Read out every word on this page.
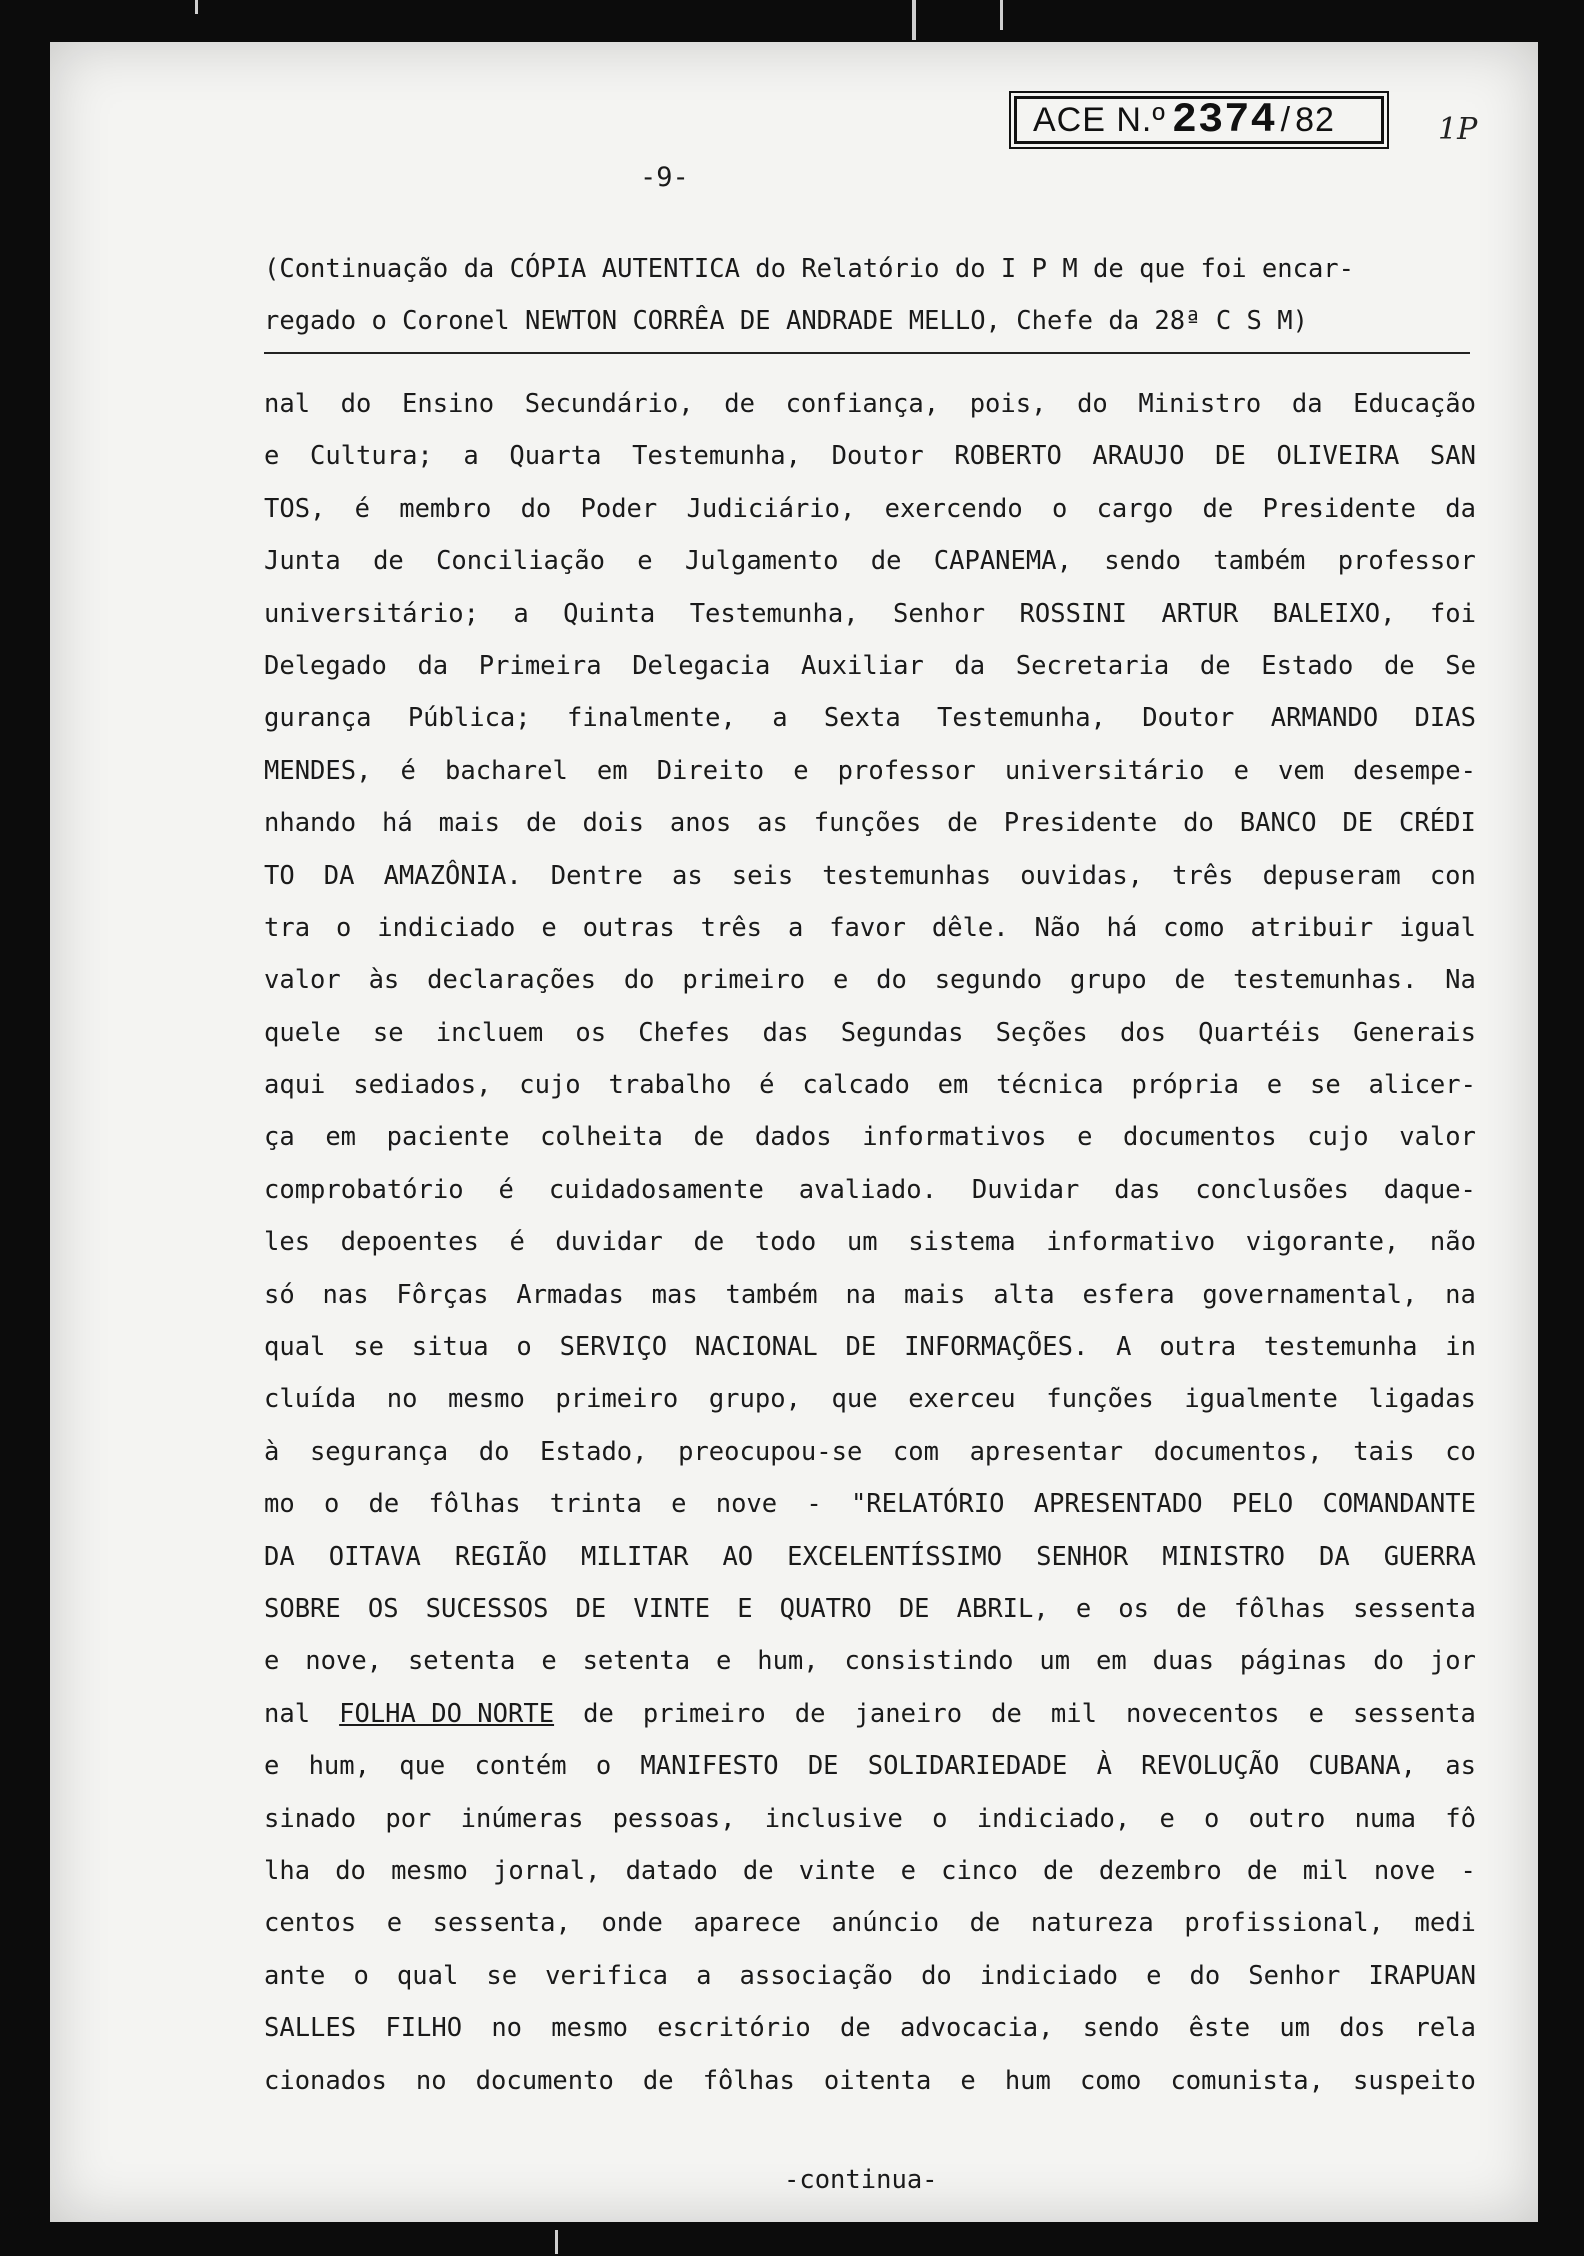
ACE N.º 2374 / 82	1P
-9-
(Continuação da CÓPIA AUTENTICA do Relatório do I P M de que foi encar-
regado o Coronel NEWTON CORRÊA DE ANDRADE MELLO, Chefe da 28ª C S M)
nal do Ensino Secundário, de confiança, pois, do Ministro da Educação
e Cultura; a Quarta Testemunha, Doutor ROBERTO ARAUJO DE OLIVEIRA SAN
TOS, é membro do Poder Judiciário, exercendo o cargo de Presidente da
Junta de Conciliação e Julgamento de CAPANEMA, sendo também professor
universitário; a Quinta Testemunha, Senhor ROSSINI ARTUR BALEIXO, foi
Delegado da Primeira Delegacia Auxiliar da Secretaria de Estado de Se
gurança Pública; finalmente, a Sexta Testemunha, Doutor ARMANDO DIAS
MENDES, é bacharel em Direito e professor universitário e vem desempe-
nhando há mais de dois anos as funções de Presidente do BANCO DE CRÉDI
TO DA AMAZÔNIA. Dentre as seis testemunhas ouvidas, três depuseram con
tra o indiciado e outras três a favor dêle. Não há como atribuir igual
valor às declarações do primeiro e do segundo grupo de testemunhas. Na
quele se incluem os Chefes das Segundas Seções dos Quartéis Generais
aqui sediados, cujo trabalho é calcado em técnica própria e se alicer-
ça em paciente colheita de dados informativos e documentos cujo valor
comprobatório é cuidadosamente avaliado. Duvidar das conclusões daque-
les depoentes é duvidar de todo um sistema informativo vigorante, não
só nas Fôrças Armadas mas também na mais alta esfera governamental, na
qual se situa o SERVIÇO NACIONAL DE INFORMAÇÕES. A outra testemunha in
cluída no mesmo primeiro grupo, que exerceu funções igualmente ligadas
à segurança do Estado, preocupou-se com apresentar documentos, tais co
mo o de fôlhas trinta e nove - "RELATÓRIO APRESENTADO PELO COMANDANTE
DA OITAVA REGIÃO MILITAR AO EXCELENTÍSSIMO SENHOR MINISTRO DA GUERRA
SOBRE OS SUCESSOS DE VINTE E QUATRO DE ABRIL, e os de fôlhas sessenta
e nove, setenta e setenta e hum, consistindo um em duas páginas do jor
nal FOLHA DO NORTE de primeiro de janeiro de mil novecentos e sessenta
e hum, que contém o MANIFESTO DE SOLIDARIEDADE À REVOLUÇÃO CUBANA, as
sinado por inúmeras pessoas, inclusive o indiciado, e o outro numa fô
lha do mesmo jornal, datado de vinte e cinco de dezembro de mil nove -
centos e sessenta, onde aparece anúncio de natureza profissional, medi
ante o qual se verifica a associação do indiciado e do Senhor IRAPUAN
SALLES FILHO no mesmo escritório de advocacia, sendo êste um dos rela
cionados no documento de fôlhas oitenta e hum como comunista, suspeito
-continua-
